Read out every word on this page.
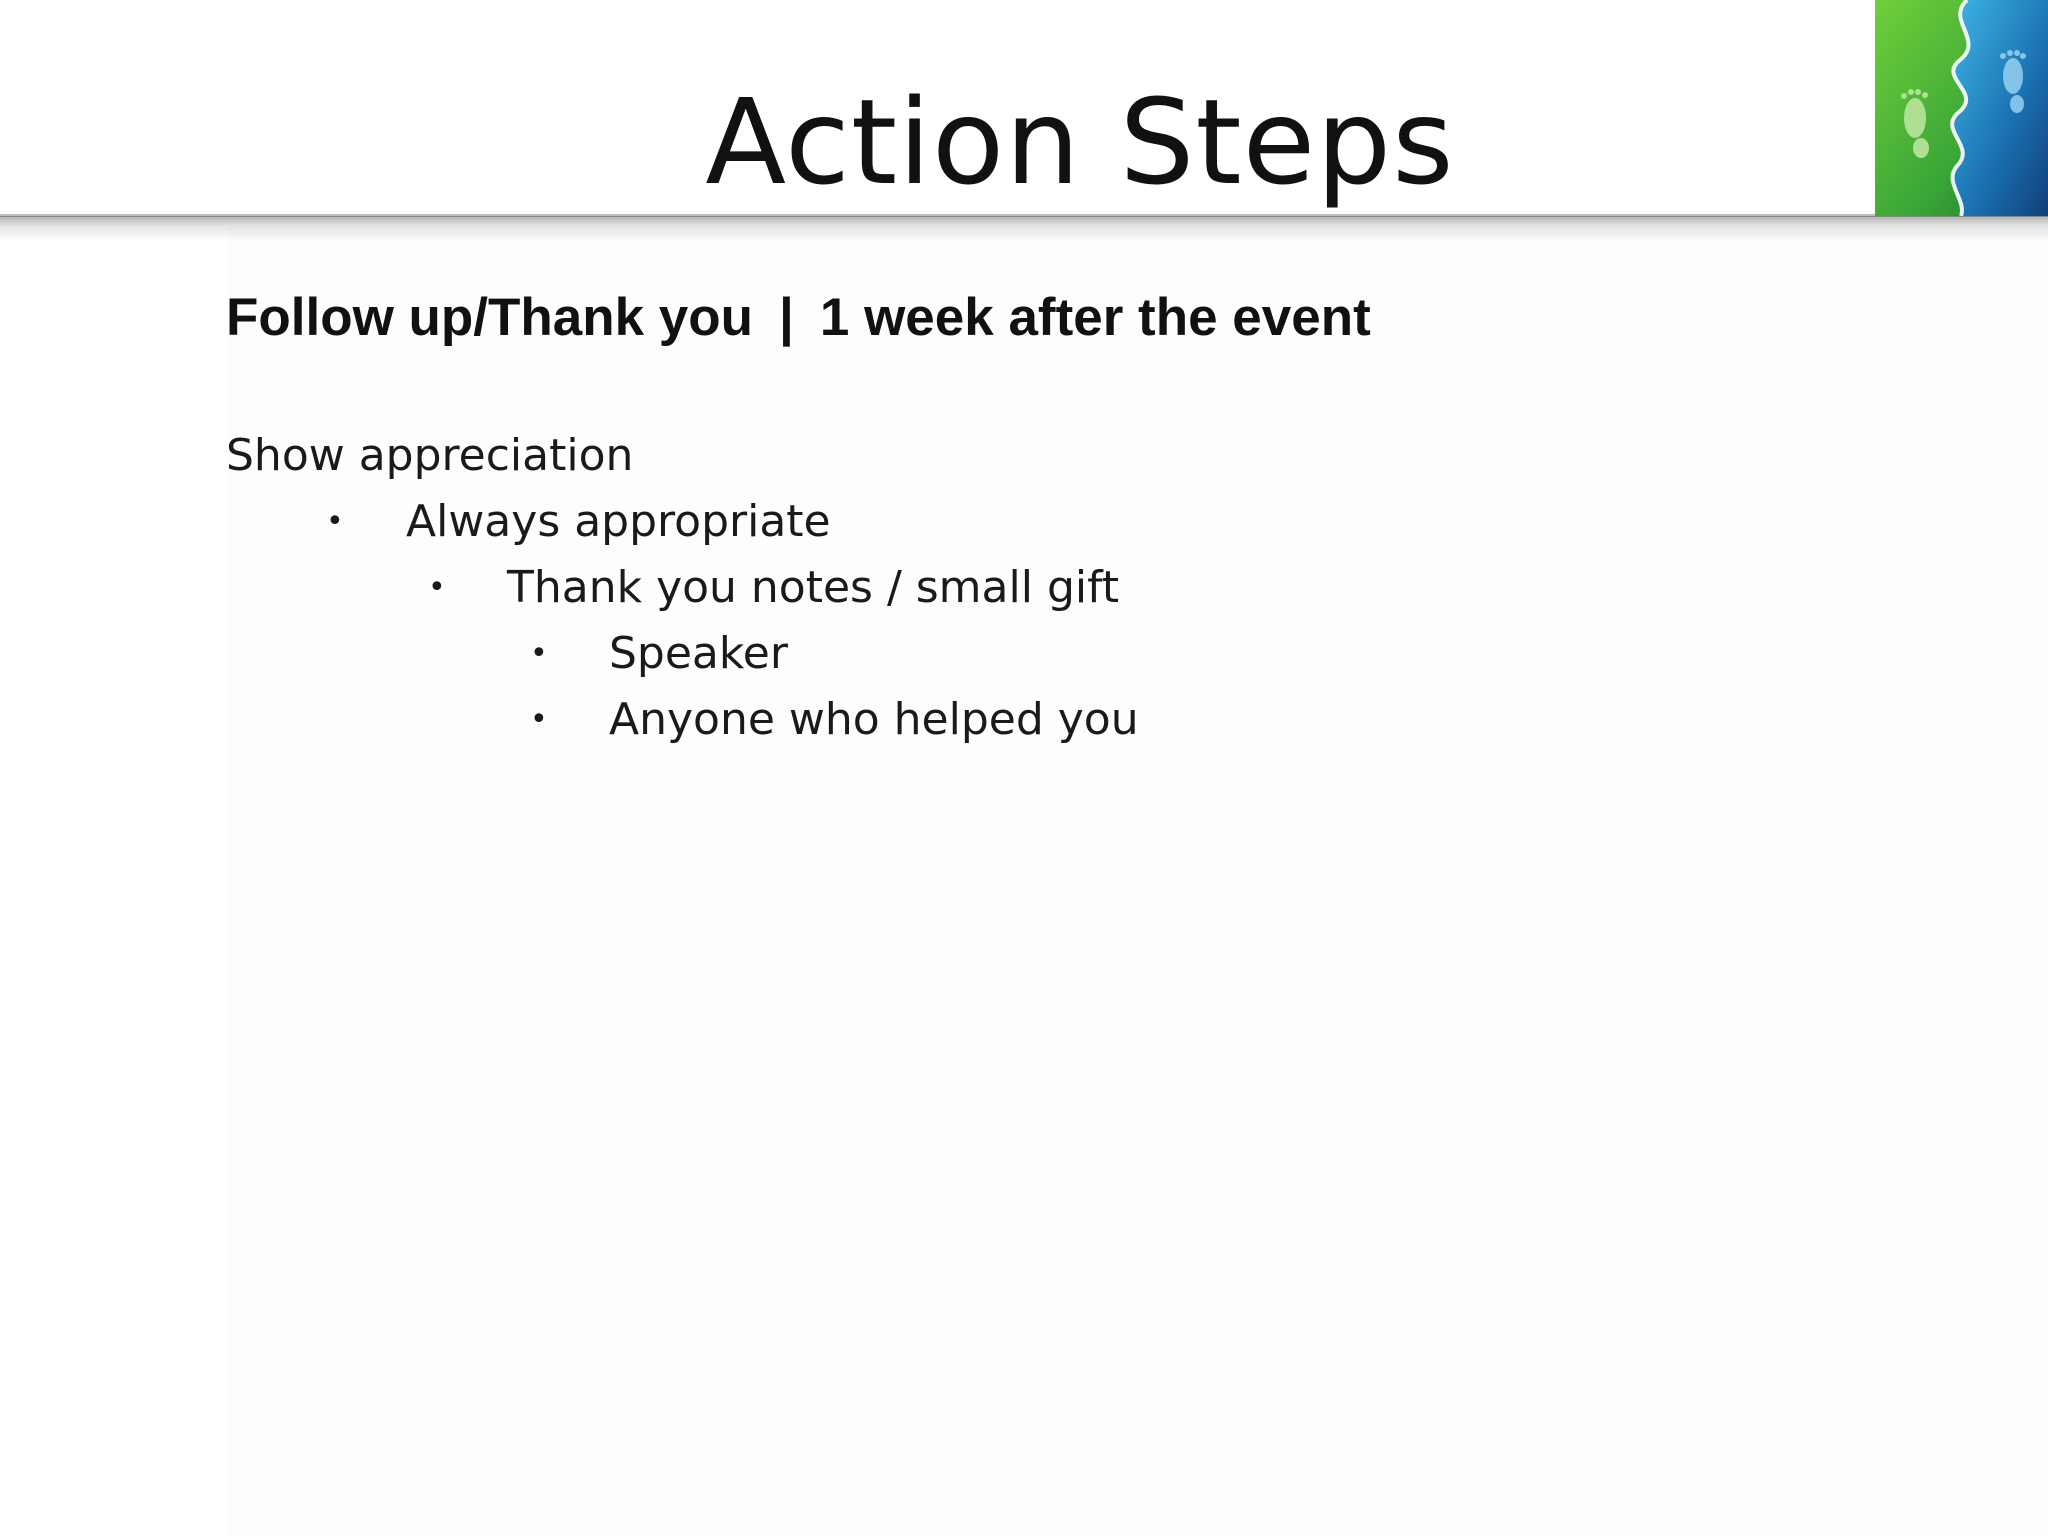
Action Steps
Follow up/Thank you | 1 week after the event
Show appreciation
• Always appropriate
• Thank you notes / small gift
• Speaker
• Anyone who helped you
